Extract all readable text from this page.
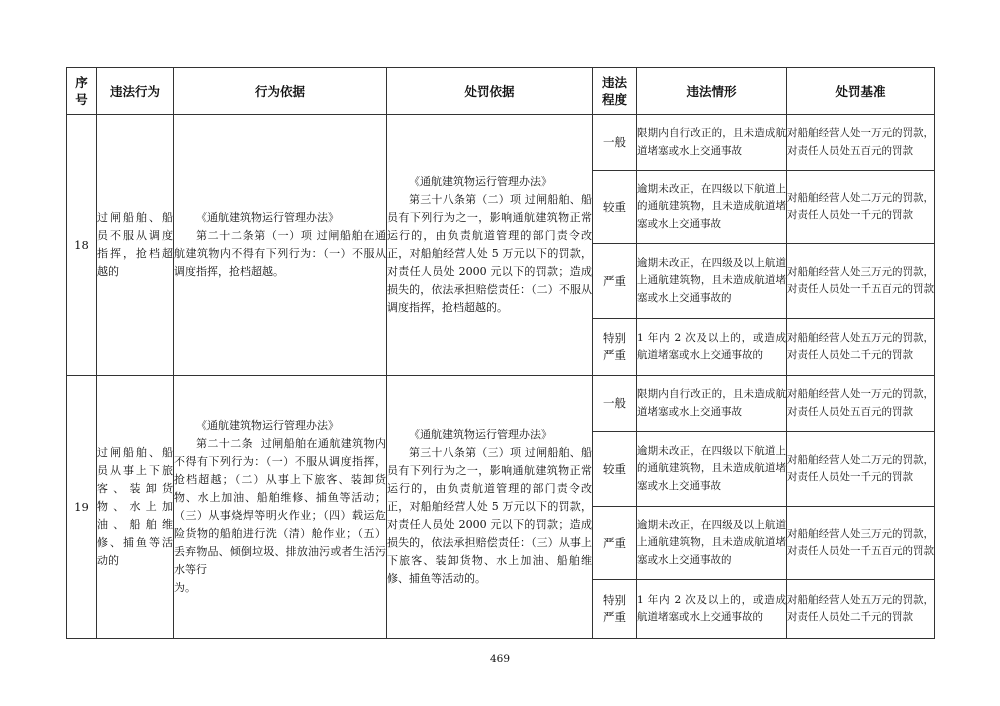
序
号	违法行为	行为依据	处罚依据	违法
程度	违法情形	处罚基准
18	过闸船舶、船员不服从调度指挥，抢档超越的	《通航建筑物运行管理办法》
第二十二条第（一）项 过闸船舶在通航建筑物内不得有下列行为：（一）不服从调度指挥，抢档超越。	《通航建筑物运行管理办法》
第三十八条第（二）项 过闸船舶、船员有下列行为之一，影响通航建筑物正常运行的，由负责航道管理的部门责令改正，对船舶经营人处 5 万元以下的罚款，对责任人员处 2000 元以下的罚款；造成损失的，依法承担赔偿责任：（二）不服从调度指挥，抢档超越的。	一般	限期内自行改正的，且未造成航道堵塞或水上交通事故	对船舶经营人处一万元的罚款，对责任人员处五百元的罚款
				较重	逾期未改正，在四级以下航道上的通航建筑物，且未造成航道堵塞或水上交通事故	对船舶经营人处二万元的罚款，对责任人员处一千元的罚款
				严重	逾期未改正，在四级及以上航道上通航建筑物，且未造成航道堵塞或水上交通事故的	对船舶经营人处三万元的罚款，对责任人员处一千五百元的罚款
				特别
严重	1 年内 2 次及以上的，或造成航道堵塞或水上交通事故的	对船舶经营人处五万元的罚款，对责任人员处二千元的罚款
19	过闸船舶、船员从事上下旅客、装卸货物、水上加油、船舶维修、捕鱼等活动的	《通航建筑物运行管理办法》
第二十二条  过闸船舶在通航建筑物内不得有下列行为：（一）不服从调度指挥，抢档超越；（二）从事上下旅客、装卸货物、水上加油、船舶维修、捕鱼等活动；（三）从事烧焊等明火作业；（四）载运危险货物的船舶进行洗（清）舱作业；（五）丢弃物品、倾倒垃圾、排放油污或者生活污水等行
为。	《通航建筑物运行管理办法》
第三十八条第（三）项 过闸船舶、船员有下列行为之一，影响通航建筑物正常运行的，由负责航道管理的部门责令改正，对船舶经营人处 5 万元以下的罚款，对责任人员处 2000 元以下的罚款；造成损失的，依法承担赔偿责任：（三）从事上下旅客、装卸货物、水上加油、船舶维修、捕鱼等活动的。	一般	限期内自行改正的，且未造成航道堵塞或水上交通事故	对船舶经营人处一万元的罚款，对责任人员处五百元的罚款
				较重	逾期未改正，在四级以下航道上的通航建筑物，且未造成航道堵塞或水上交通事故	对船舶经营人处二万元的罚款，对责任人员处一千元的罚款
				严重	逾期未改正，在四级及以上航道上通航建筑物，且未造成航道堵塞或水上交通事故的	对船舶经营人处三万元的罚款，对责任人员处一千五百元的罚款
				特别
严重	1 年内 2 次及以上的，或造成航道堵塞或水上交通事故的	对船舶经营人处五万元的罚款，对责任人员处二千元的罚款
469
